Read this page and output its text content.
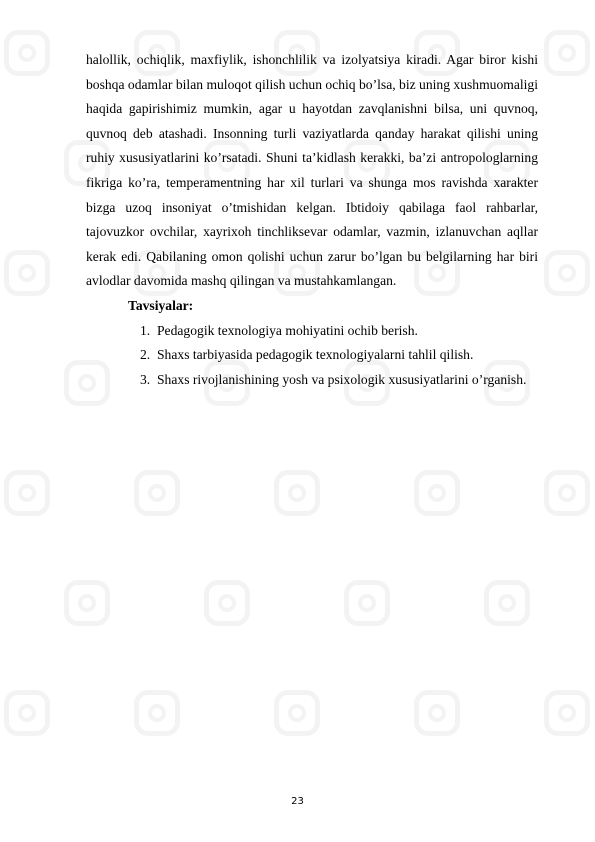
halollik, ochiqlik, maxfiylik, ishonchlilik va izolyatsiya kiradi. Agar biror kishi boshqa odamlar bilan muloqot qilish uchun ochiq bo’lsa, biz uning xushmuomaligi haqida gapirishimiz mumkin, agar u hayotdan zavqlanishni bilsa, uni quvnoq, quvnoq deb atashadi. Insonning turli vaziyatlarda qanday harakat qilishi uning ruhiy xususiyatlarini ko’rsatadi. Shuni ta’kidlash kerakki, ba’zi antropologlarning fikriga ko’ra, temperamentning har xil turlari va shunga mos ravishda xarakter bizga uzoq insoniyat o’tmishidan kelgan. Ibtidoiy qabilaga faol rahbarlar, tajovuzkor ovchilar, xayrixoh tinchliksevar odamlar, vazmin, izlanuvchan aqllar kerak edi. Qabilaning omon qolishi uchun zarur bo’lgan bu belgilarning har biri avlodlar davomida mashq qilingan va mustahkamlangan.

Tavsiyalar:

1. Pedagogik texnologiya mohiyatini ochib berish.
2. Shaxs tarbiyasida pedagogik texnologiyalarni tahlil qilish.
3. Shaxs rivojlanishining yosh va psixologik xususiyatlarini o’rganish.
23
